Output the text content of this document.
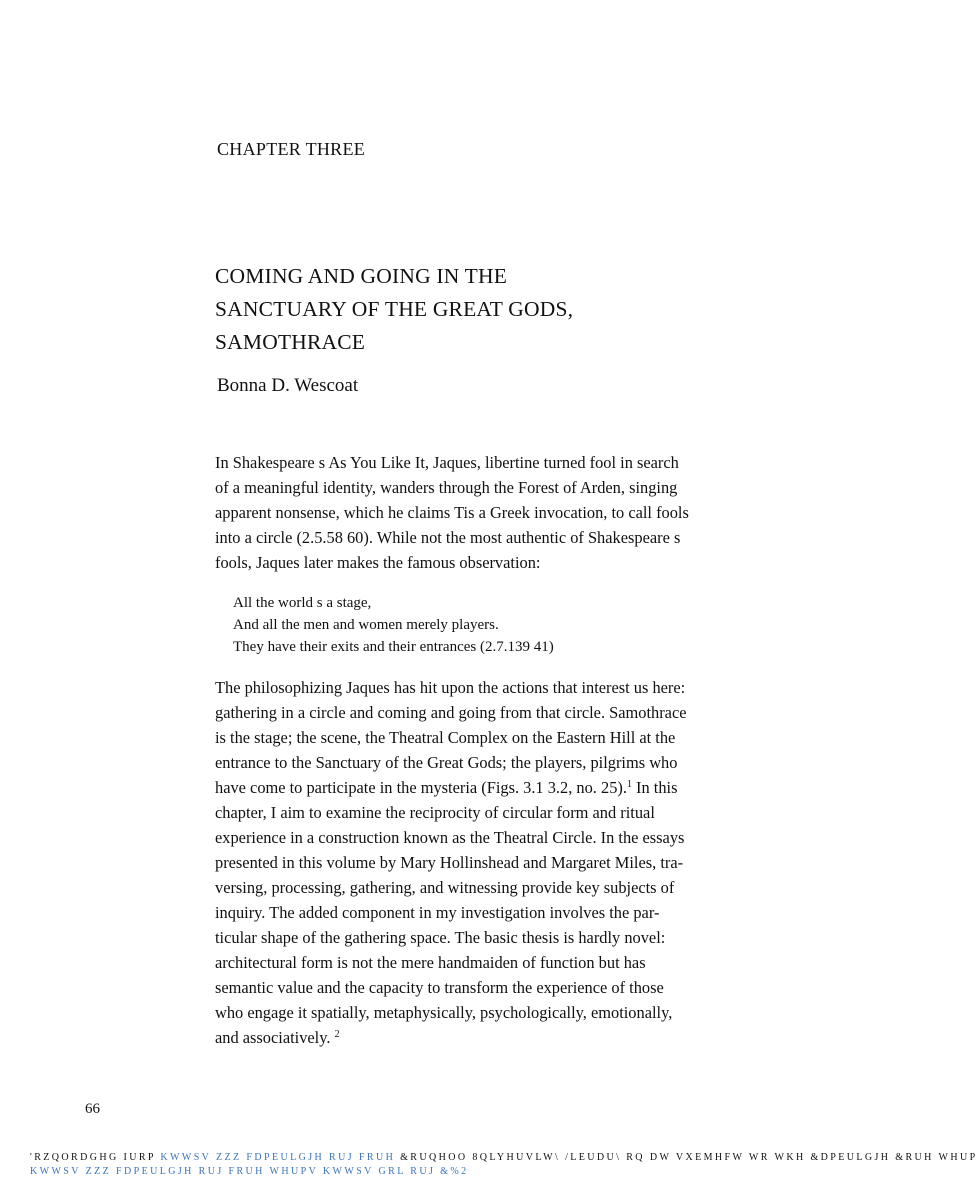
CHAPTER THREE
COMING AND GOING IN THE
SANCTUARY OF THE GREAT GODS,
SAMOTHRACE
Bonna D. Wescoat
In Shakespeare s As You Like It, Jaques, libertine turned fool in search
of a meaningful identity, wanders through the Forest of Arden, singing
apparent nonsense, which he claims Tis a Greek invocation, to call fools
into a circle (2.5.58 60). While not the most authentic of Shakespeare s
fools, Jaques later makes the famous observation:
All the world s a stage,
And all the men and women merely players.
They have their exits and their entrances (2.7.139 41)
The philosophizing Jaques has hit upon the actions that interest us here:
gathering in a circle and coming and going from that circle. Samothrace
is the stage; the scene, the Theatral Complex on the Eastern Hill at the
entrance to the Sanctuary of the Great Gods; the players, pilgrims who
have come to participate in the mysteria (Figs. 3.1 3.2, no. 25).$^1$ In this
chapter, I aim to examine the reciprocity of circular form and ritual
experience in a construction known as the Theatral Circle. In the essays
presented in this volume by Mary Hollinshead and Margaret Miles, tra-
versing, processing, gathering, and witnessing provide key subjects of
inquiry. The added component in my investigation involves the par-
ticular shape of the gathering space. The basic thesis is hardly novel:
architectural form is not the mere handmaiden of function but has
semantic value and the capacity to transform the experience of those
who engage it spatially, metaphysically, psychologically, emotionally,
and associatively. $^2$
66
'RZQORDGHG IURP KWWSV ZZZ FDPEULGJH RUJ FRUH &RUQHOO 8QLYHUVLW\ /LEUDU\ RQ DW VXEMHFW WR WKH &DPEULGJH &RUH WHUP
KWWSV ZZZ FDPEULGJH RUJ FRUH WHUPV KWWSV GRL RUJ &%2
